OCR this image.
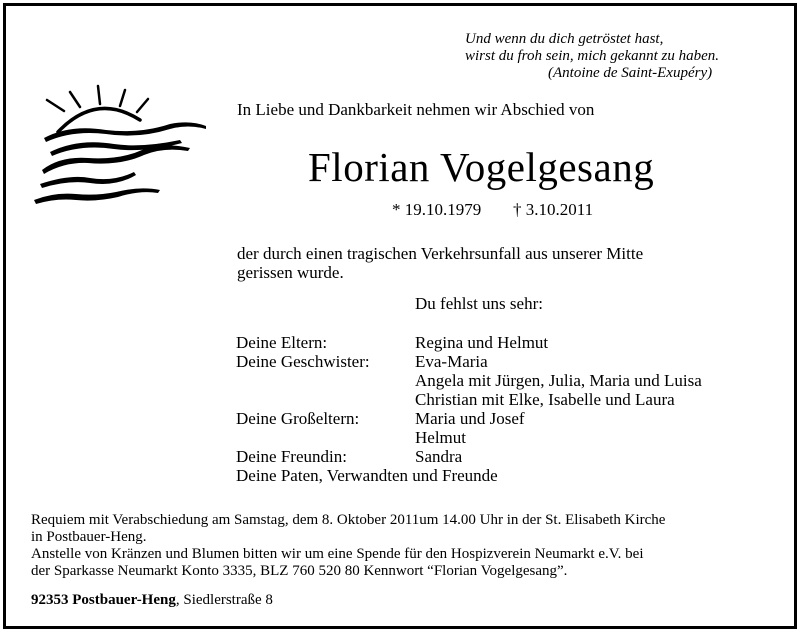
Und wenn du dich getröstet hast,
wirst du froh sein, mich gekannt zu haben.
(Antoine de Saint-Exupéry)
In Liebe und Dankbarkeit nehmen wir Abschied von
Florian Vogelgesang
* 19.10.1979 † 3.10.2011
der durch einen tragischen Verkehrsunfall aus unserer Mitte
gerissen wurde.
Du fehlst uns sehr:
Deine Eltern:
Deine Geschwister:
Deine Großeltern:
Deine Freundin:
Regina und Helmut
Eva-Maria
Angela mit Jürgen, Julia, Maria und Luisa
Christian mit Elke, Isabelle und Laura
Maria und Josef
Helmut
Sandra
Deine Paten, Verwandten und Freunde
Requiem mit Verabschiedung am Samstag, dem 8. Oktober 2011um 14.00 Uhr in der St. Elisabeth Kirche
in Postbauer-Heng.
Anstelle von Kränzen und Blumen bitten wir um eine Spende für den Hospizverein Neumarkt e.V. bei
der Sparkasse Neumarkt Konto 3335, BLZ 760 520 80 Kennwort “Florian Vogelgesang”.
92353 Postbauer-Heng, Siedlerstraße 8
